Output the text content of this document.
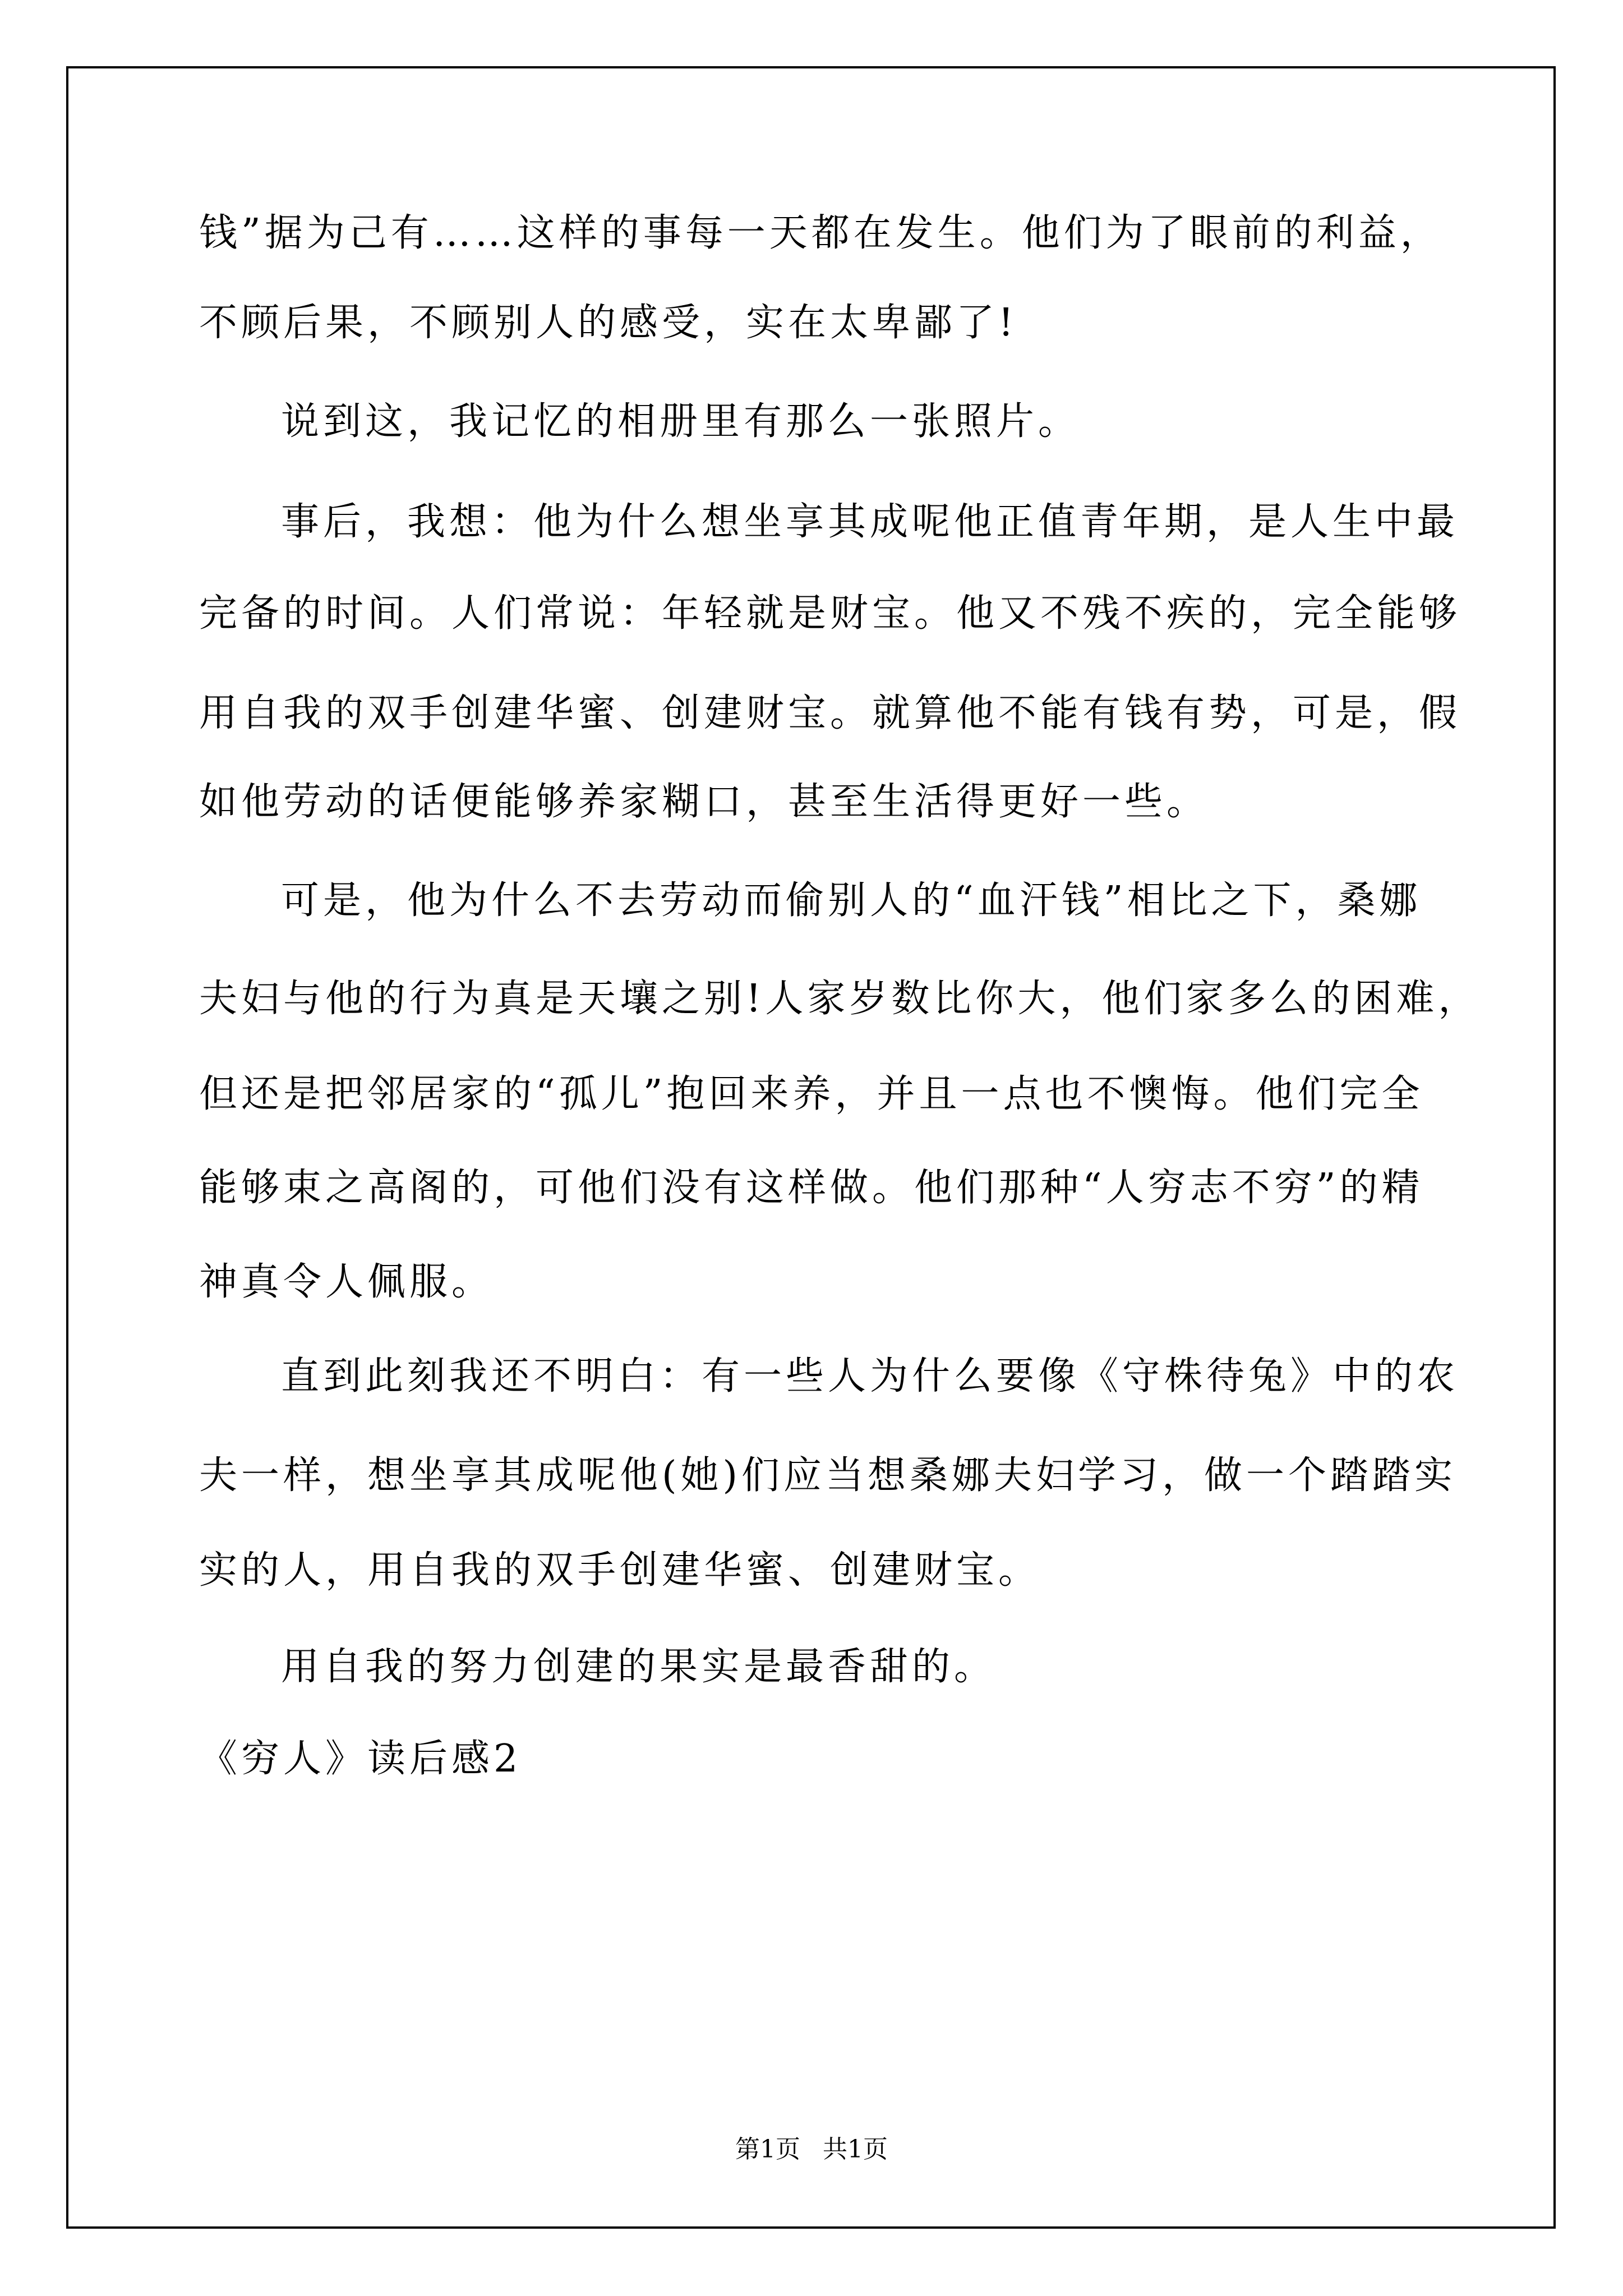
钱”据为己有……这样的事每一天都在发生。他们为了眼前的利益，
不顾后果，不顾别人的感受，实在太卑鄙了!
说到这，我记忆的相册里有那么一张照片。
事后，我想：他为什么想坐享其成呢他正值青年期，是人生中最
完备的时间。人们常说：年轻就是财宝。他又不残不疾的，完全能够
用自我的双手创建华蜜、创建财宝。就算他不能有钱有势，可是，假
如他劳动的话便能够养家糊口，甚至生活得更好一些。
可是，他为什么不去劳动而偷别人的“血汗钱”相比之下，桑娜
夫妇与他的行为真是天壤之别!人家岁数比你大，他们家多么的困难，
但还是把邻居家的“孤儿”抱回来养，并且一点也不懊悔。他们完全
能够束之高阁的，可他们没有这样做。他们那种“人穷志不穷”的精
神真令人佩服。
直到此刻我还不明白：有一些人为什么要像《守株待兔》中的农
夫一样，想坐享其成呢他(她)们应当想桑娜夫妇学习，做一个踏踏实
实的人，用自我的双手创建华蜜、创建财宝。
用自我的努力创建的果实是最香甜的。
《穷人》读后感2
第1页 共1页
